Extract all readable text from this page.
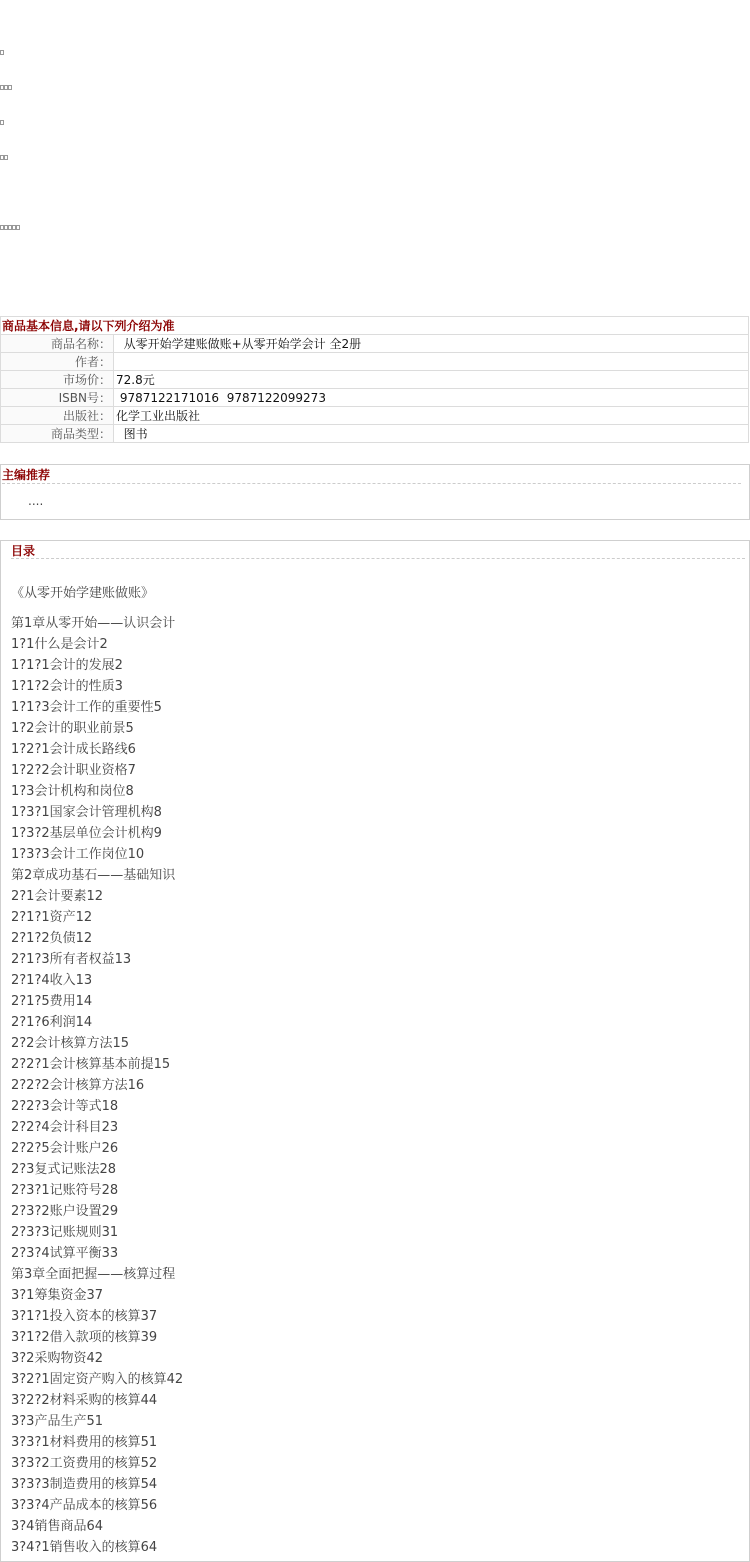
商品基本信息,请以下列介绍为准	
商品名称：	从零开始学建账做账+从零开始学会计 全2册
作者：	
市场价：	72.8元
ISBN号：	9787122171016  9787122099273
出版社：	化学工业出版社
商品类型：	图书
主编推荐
....
目录
《从零开始学建账做账》
第1章从零开始——认识会计
1?1什么是会计2
1?1?1会计的发展2
1?1?2会计的性质3
1?1?3会计工作的重要性5
1?2会计的职业前景5
1?2?1会计成长路线6
1?2?2会计职业资格7
1?3会计机构和岗位8
1?3?1国家会计管理机构8
1?3?2基层单位会计机构9
1?3?3会计工作岗位10
第2章成功基石——基础知识
2?1会计要素12
2?1?1资产12
2?1?2负债12
2?1?3所有者权益13
2?1?4收入13
2?1?5费用14
2?1?6利润14
2?2会计核算方法15
2?2?1会计核算基本前提15
2?2?2会计核算方法16
2?2?3会计等式18
2?2?4会计科目23
2?2?5会计账户26
2?3复式记账法28
2?3?1记账符号28
2?3?2账户设置29
2?3?3记账规则31
2?3?4试算平衡33
第3章全面把握——核算过程
3?1筹集资金37
3?1?1投入资本的核算37
3?1?2借入款项的核算39
3?2采购物资42
3?2?1固定资产购入的核算42
3?2?2材料采购的核算44
3?3产品生产51
3?3?1材料费用的核算51
3?3?2工资费用的核算52
3?3?3制造费用的核算54
3?3?4产品成本的核算56
3?4销售商品64
3?4?1销售收入的核算64
